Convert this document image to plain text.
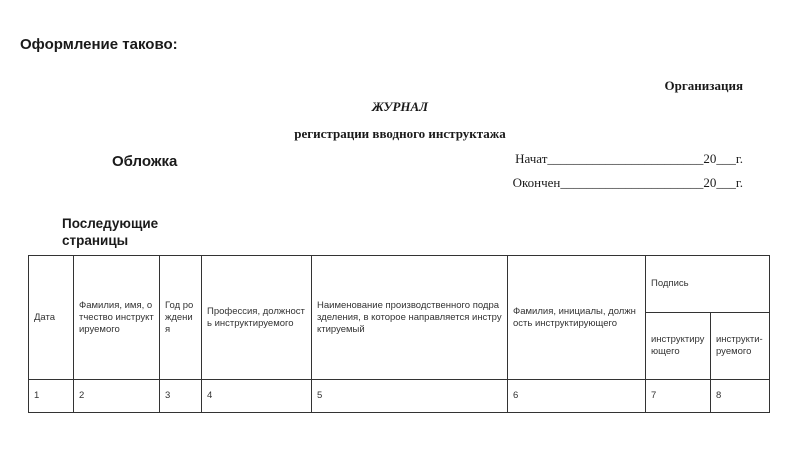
Оформление таково:
Организация
ЖУРНАЛ
регистрации вводного инструктажа
Обложка	Начат________________________20___г.
Окончен______________________20___г.
Последующие страницы
Дата	Фамилия, имя, отчество инструктируемого	Год рождения	Профессия, должность инструктируемого	Наименование производственного подразделения, в которое направляется инструктируемый	Фамилия, инициалы, должность инструктирующего	Подпись	
						инструктирующего	инструкти-руемого
1	2	3	4	5	6	7	8
